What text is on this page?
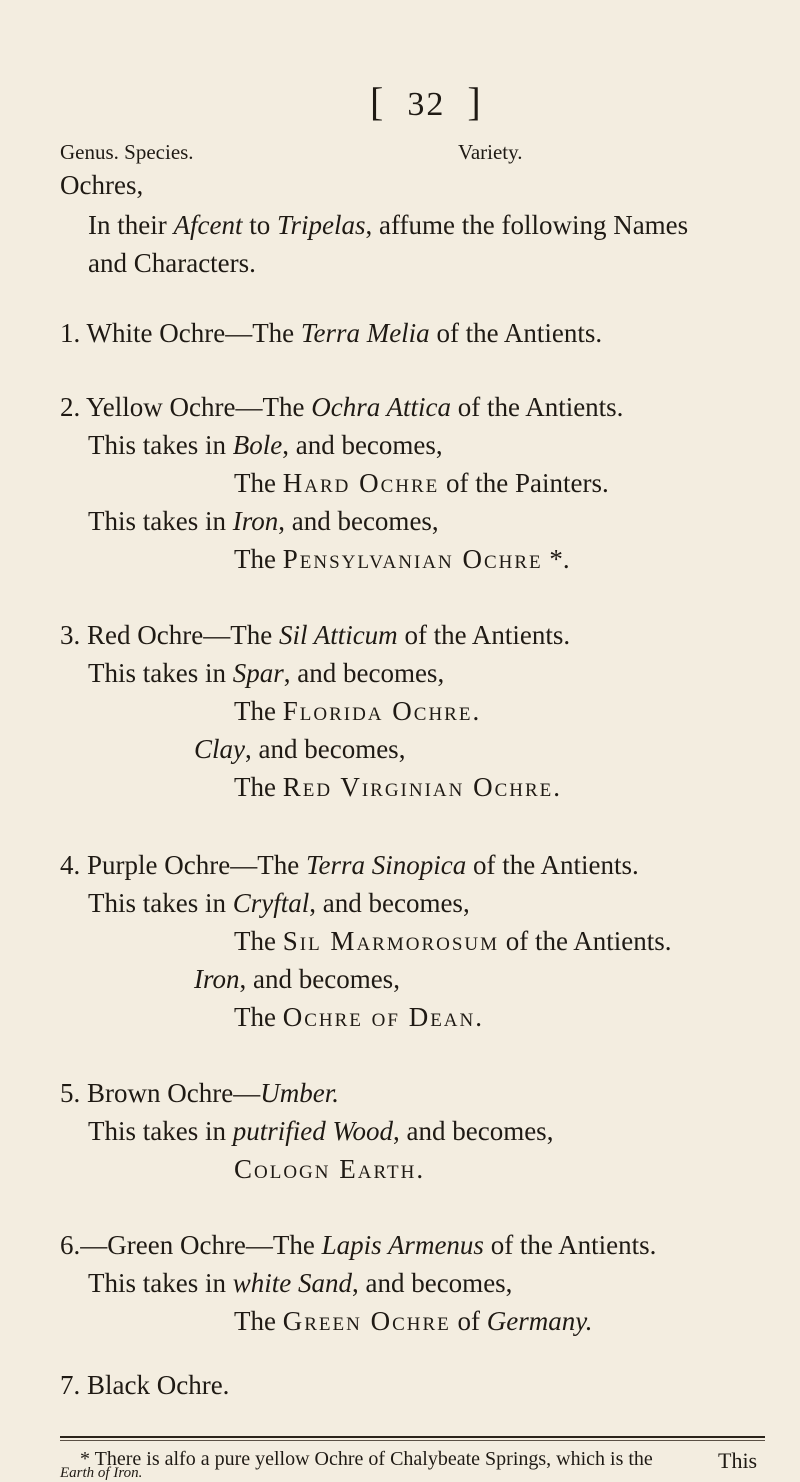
[ 32 ]
Genus. Species.	Variety.
Ochres,
In their Afcent to Tripelas, affume the following Names
and Characters.
1. White Ochre—The Terra Melia of the Antients.
2. Yellow Ochre—The Ochra Attica of the Antients.
This takes in Bole, and becomes,
The Hard Ochre of the Painters.
This takes in Iron, and becomes,
The Pensylvanian Ochre *.
3. Red Ochre—The Sil Atticum of the Antients.
This takes in Spar, and becomes,
The Florida Ochre.
Clay, and becomes,
The Red Virginian Ochre.
4. Purple Ochre—The Terra Sinopica of the Antients.
This takes in Cryftal, and becomes,
The Sil Marmorosum of the Antients.
Iron, and becomes,
The Ochre of Dean.
5. Brown Ochre—Umber.
This takes in putrified Wood, and becomes,
Cologn Earth.
6.—Green Ochre—The Lapis Armenus of the Antients.
This takes in white Sand, and becomes,
The Green Ochre of Germany.
7. Black Ochre.
* There is alfo a pure yellow Ochre of Chalybeate Springs, which is the
Earth of Iron.	This
